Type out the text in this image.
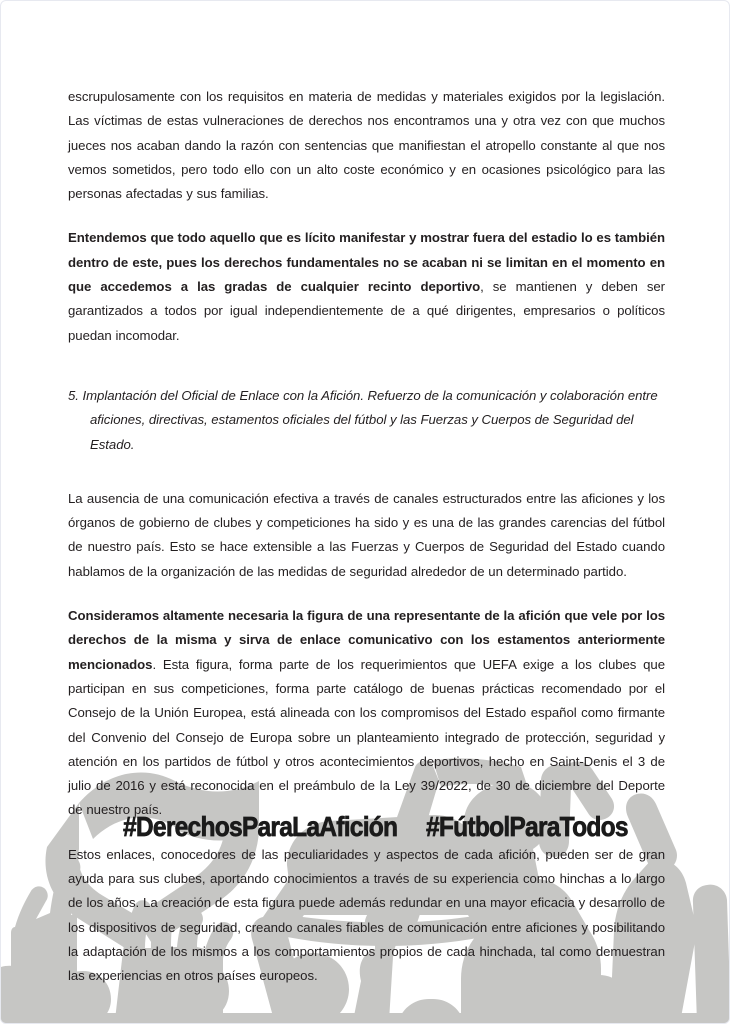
escrupulosamente con los requisitos en materia de medidas y materiales exigidos por la legislación. Las víctimas de estas vulneraciones de derechos nos encontramos una y otra vez con que muchos jueces nos acaban dando la razón con sentencias que manifiestan el atropello constante al que nos vemos sometidos, pero todo ello con un alto coste económico y en ocasiones psicológico para las personas afectadas y sus familias.

Entendemos que todo aquello que es lícito manifestar y mostrar fuera del estadio lo es también dentro de este, pues los derechos fundamentales no se acaban ni se limitan en el momento en que accedemos a las gradas de cualquier recinto deportivo, se mantienen y deben ser garantizados a todos por igual independientemente de a qué dirigentes, empresarios o políticos puedan incomodar.

5. Implantación del Oficial de Enlace con la Afición. Refuerzo de la comunicación y colaboración entre
aficiones, directivas, estamentos oficiales del fútbol y las Fuerzas y Cuerpos de Seguridad del Estado.

La ausencia de una comunicación efectiva a través de canales estructurados entre las aficiones y los órganos de gobierno de clubes y competiciones ha sido y es una de las grandes carencias del fútbol de nuestro país. Esto se hace extensible a las Fuerzas y Cuerpos de Seguridad del Estado cuando hablamos de la organización de las medidas de seguridad alrededor de un determinado partido.

Consideramos altamente necesaria la figura de una representante de la afición que vele por los derechos de la misma y sirva de enlace comunicativo con los estamentos anteriormente mencionados. Esta figura, forma parte de los requerimientos que UEFA exige a los clubes que participan en sus competiciones, forma parte catálogo de buenas prácticas recomendado por el Consejo de la Unión Europea, está alineada con los compromisos del Estado español como firmante del Convenio del Consejo de Europa sobre un planteamiento integrado de protección, seguridad y atención en los partidos de fútbol y otros acontecimientos deportivos, hecho en Saint-Denis el 3 de julio de 2016 y está reconocida en el preámbulo de la Ley 39/2022, de 30 de diciembre del Deporte de nuestro país.

Estos enlaces, conocedores de las peculiaridades y aspectos de cada afición, pueden ser de gran ayuda para sus clubes, aportando conocimientos a través de su experiencia como hinchas a lo largo de los años. La creación de esta figura puede además redundar en una mayor eficacia y desarrollo de los dispositivos de seguridad, creando canales fiables de comunicación entre aficiones y posibilitando la adaptación de los mismos a los comportamientos propios de cada hinchada, tal como demuestran las experiencias en otros países europeos.

#DerechosParaLaAfición #FútbolParaTodos
